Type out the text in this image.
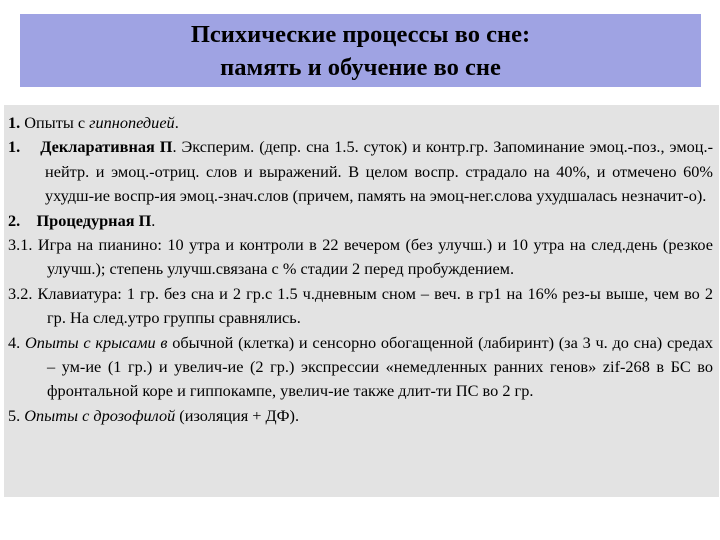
Психические процессы во сне:
память и обучение во сне
1. Опыты с гипнопедией.
1. Декларативная П. Эксперим. (депр. сна 1.5. суток) и контр.гр. Запоминание эмоц.-поз., эмоц.-нейтр. и эмоц.-отриц. слов и выражений. В целом воспр. страдало на 40%, и отмечено 60% ухудш-ие воспр-ия эмоц.-знач.слов (причем, память на эмоц-нег.слова ухудшалась незначит-о).
2. Процедурная П.
3.1. Игра на пианино: 10 утра и контроли в 22 вечером (без улучш.) и 10 утра на след.день (резкое улучш.); степень улучш.связана с % стадии 2 перед пробуждением.
3.2. Клавиатура: 1 гр. без сна и 2 гр.с 1.5 ч.дневным сном – веч. в гр1 на 16% рез-ы выше, чем во 2 гр. На след.утро группы сравнялись.
4. Опыты с крысами в обычной (клетка) и сенсорно обогащенной (лабиринт) (за 3 ч. до сна) средах – ум-ие (1 гр.) и увелич-ие (2 гр.) экспрессии «немедленных ранних генов» zif-268 в БС во фронтальной коре и гиппокампе, увелич-ие также длит-ти ПС во 2 гр.
5. Опыты с дрозофилой (изоляция + ДФ).
